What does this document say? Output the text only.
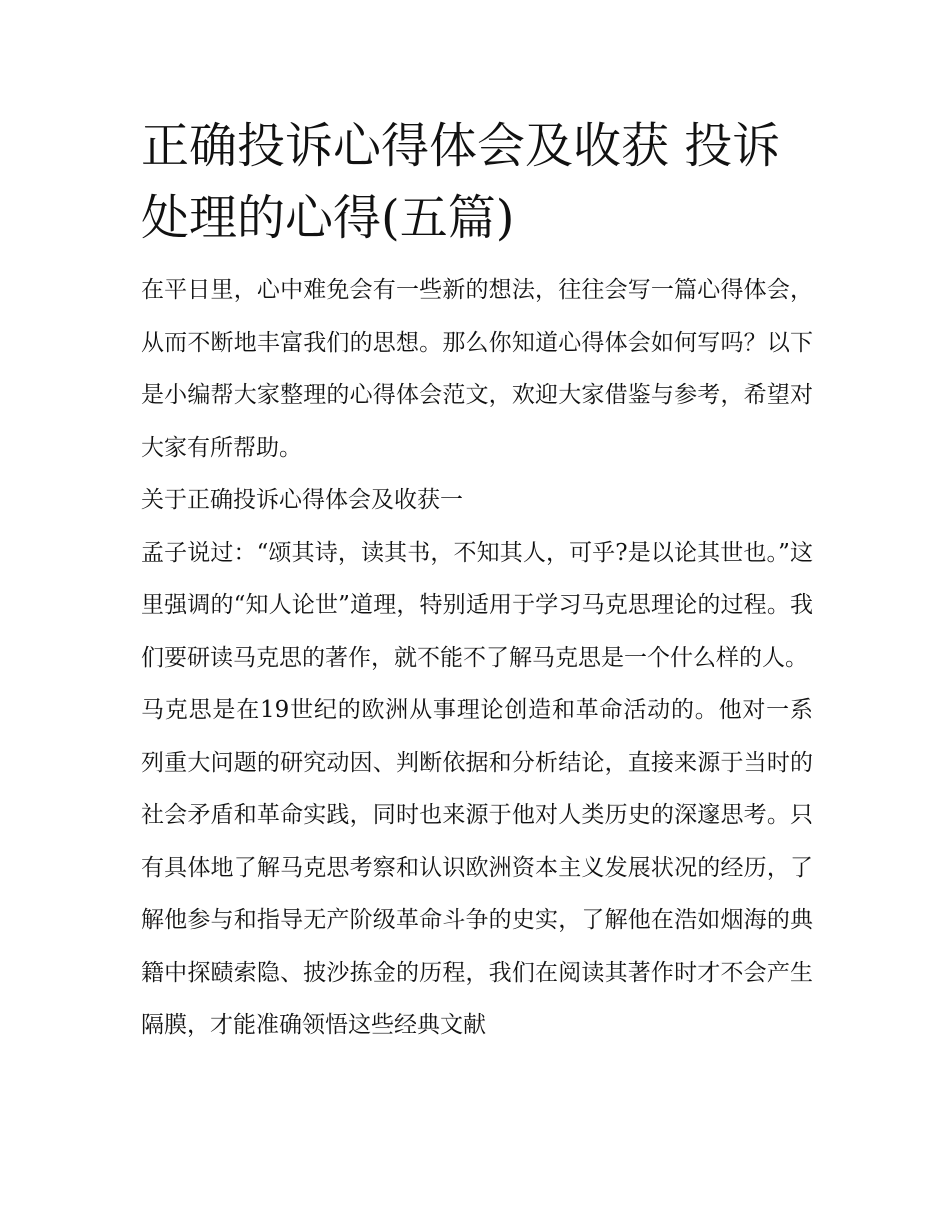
正确投诉心得体会及收获 投诉处理的心得(五篇)

在平日里，心中难免会有一些新的想法，往往会写一篇心得体会，从而不断地丰富我们的思想。那么你知道心得体会如何写吗？以下是小编帮大家整理的心得体会范文，欢迎大家借鉴与参考，希望对大家有所帮助。

关于正确投诉心得体会及收获一

孟子说过：“颂其诗，读其书，不知其人，可乎?是以论其世也。”这里强调的“知人论世”道理，特别适用于学习马克思理论的过程。我们要研读马克思的著作，就不能不了解马克思是一个什么样的人。

马克思是在19世纪的欧洲从事理论创造和革命活动的。他对一系列重大问题的研究动因、判断依据和分析结论，直接来源于当时的社会矛盾和革命实践，同时也来源于他对人类历史的深邃思考。只有具体地了解马克思考察和认识欧洲资本主义发展状况的经历，了解他参与和指导无产阶级革命斗争的史实，了解他在浩如烟海的典籍中探赜索隐、披沙拣金的历程，我们在阅读其著作时才不会产生隔膜，才能准确领悟这些经典文献
